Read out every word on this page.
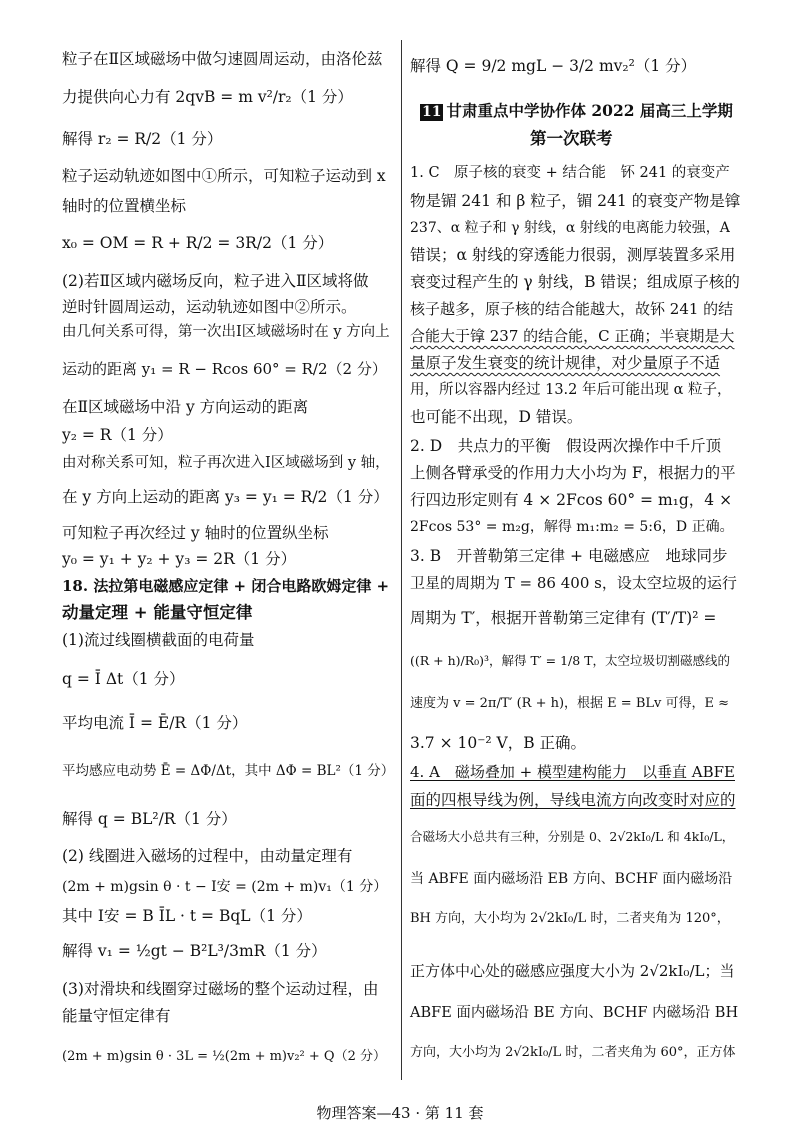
粒子在Ⅱ区域磁场中做匀速圆周运动，由洛伦兹
力提供向心力有 2qvB = m v²/r₂（1 分）
解得 r₂ = R/2（1 分）
粒子运动轨迹如图中①所示，可知粒子运动到 x
轴时的位置横坐标
x₀ = OM = R + R/2 = 3R/2（1 分）
(2)若Ⅱ区域内磁场反向，粒子进入Ⅱ区域将做
逆时针圆周运动，运动轨迹如图中②所示。
由几何关系可得，第一次出Ⅰ区域磁场时在 y 方向上
运动的距离 y₁ = R − Rcos 60° = R/2（2 分）
在Ⅱ区域磁场中沿 y 方向运动的距离
y₂ = R（1 分）
由对称关系可知，粒子再次进入Ⅰ区域磁场到 y 轴，
在 y 方向上运动的距离 y₃ = y₁ = R/2（1 分）
可知粒子再次经过 y 轴时的位置纵坐标
y₀ = y₁ + y₂ + y₃ = 2R（1 分）
18. 法拉第电磁感应定律 + 闭合电路欧姆定律 +
动量定理 + 能量守恒定律
(1)流过线圈横截面的电荷量
q = Ī Δt（1 分）
平均电流 Ī = Ē/R（1 分）
平均感应电动势 Ē = ΔΦ/Δt，其中 ΔΦ = BL²（1 分）
解得 q = BL²/R（1 分）
(2) 线圈进入磁场的过程中，由动量定理有
(2m + m)gsin θ · t − I安 = (2m + m)v₁（1 分）
其中 I安 = B ĪL · t = BqL（1 分）
解得 v₁ = ½gt − B²L³/3mR（1 分）
(3)对滑块和线圈穿过磁场的整个运动过程，由
能量守恒定律有
(2m + m)gsin θ · 3L = ½(2m + m)v₂² + Q（2 分）
解得 Q = 9/2 mgL − 3/2 mv₂²（1 分）
11 甘肃重点中学协作体 2022 届高三上学期
第一次联考
1. C　原子核的衰变 + 结合能　钚 241 的衰变产
物是镅 241 和 β 粒子，镅 241 的衰变产物是镎
237、α 粒子和 γ 射线，α 射线的电离能力较强，A
错误；α 射线的穿透能力很弱，测厚装置多采用
衰变过程产生的 γ 射线，B 错误；组成原子核的
核子越多，原子核的结合能越大，故钚 241 的结
合能大于镎 237 的结合能，C 正确；半衰期是大
量原子发生衰变的统计规律，对少量原子不适
用，所以容器内经过 13.2 年后可能出现 α 粒子，
也可能不出现，D 错误。
2. D　共点力的平衡　假设两次操作中千斤顶
上侧各臂承受的作用力大小均为 F，根据力的平
行四边形定则有 4 × 2Fcos 60° = m₁g，4 ×
2Fcos 53° = m₂g，解得 m₁:m₂ = 5:6，D 正确。
3. B　开普勒第三定律 + 电磁感应　地球同步
卫星的周期为 T = 86 400 s，设太空垃圾的运行
周期为 T′，根据开普勒第三定律有 (T′/T)² =
((R + h)/R₀)³，解得 T′ = 1/8 T，太空垃圾切割磁感线的
速度为 v = 2π/T′ (R + h)，根据 E = BLv 可得，E ≈
3.7 × 10⁻² V，B 正确。
4. A　磁场叠加 + 模型建构能力　以垂直 ABFE
面的四根导线为例，导线电流方向改变时对应的
合磁场大小总共有三种，分别是 0、2√2kI₀/L 和 4kI₀/L，
当 ABFE 面内磁场沿 EB 方向、BCHF 面内磁场沿
BH 方向，大小均为 2√2kI₀/L 时，二者夹角为 120°，
正方体中心处的磁感应强度大小为 2√2kI₀/L；当
ABFE 面内磁场沿 BE 方向、BCHF 内磁场沿 BH
方向，大小均为 2√2kI₀/L 时，二者夹角为 60°，正方体
物理答案—43 · 第 11 套
